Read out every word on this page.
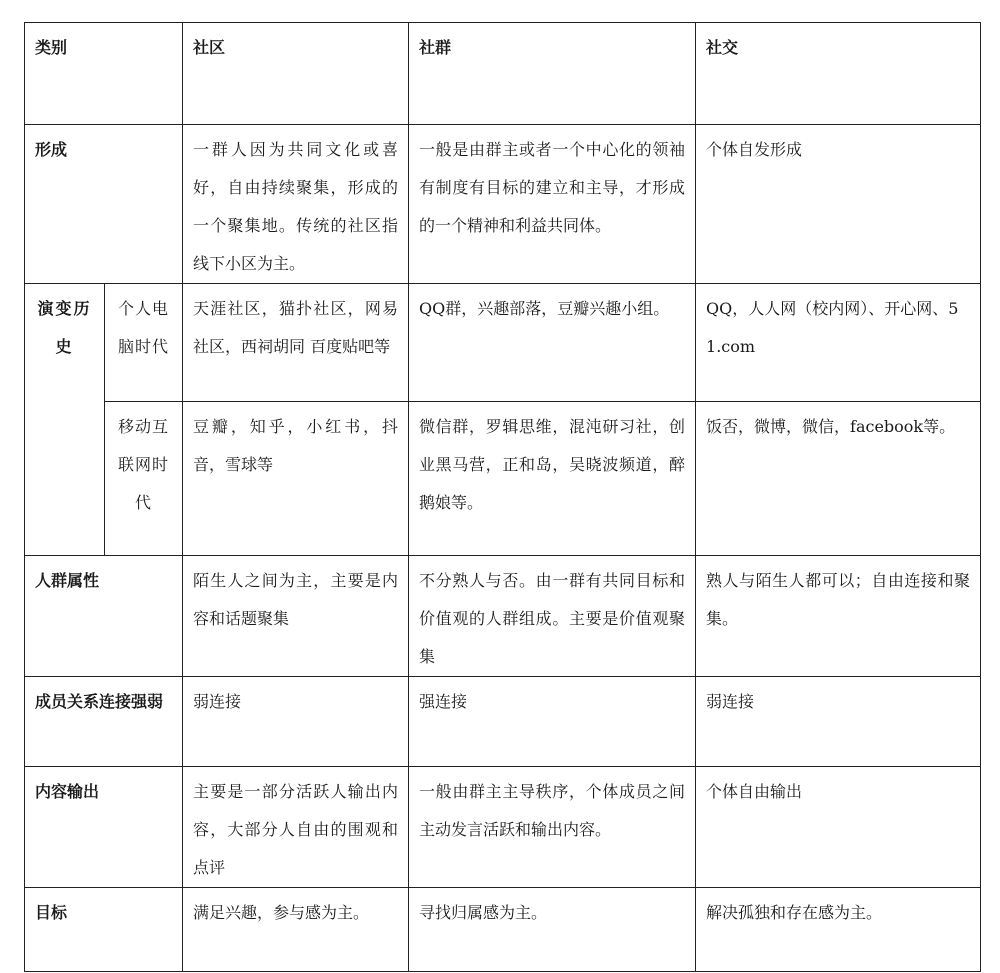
类别		社区	社群	社交
形成		一群人因为共同文化或喜好，自由持续聚集，形成的一个聚集地。传统的社区指线下小区为主。	一般是由群主或者一个中心化的领袖有制度有目标的建立和主导，才形成的一个精神和利益共同体。	个体自发形成
演变历史	个人电脑时代	天涯社区，猫扑社区，网易社区，西祠胡同 百度贴吧等	QQ群，兴趣部落，豆瓣兴趣小组。	QQ，人人网（校内网）、开心网、51.com
	移动互联网时代	豆瓣，知乎，小红书，抖音，雪球等	微信群，罗辑思维，混沌研习社，创业黑马营，正和岛，吴晓波频道，醉鹅娘等。	饭否，微博，微信，facebook等。
人群属性		陌生人之间为主，主要是内容和话题聚集	不分熟人与否。由一群有共同目标和价值观的人群组成。主要是价值观聚集	熟人与陌生人都可以；自由连接和聚集。
成员关系连接强弱		弱连接	强连接	弱连接
内容输出		主要是一部分活跃人输出内容，大部分人自由的围观和点评	一般由群主主导秩序，个体成员之间主动发言活跃和输出内容。	个体自由输出
目标		满足兴趣，参与感为主。	寻找归属感为主。	解决孤独和存在感为主。
